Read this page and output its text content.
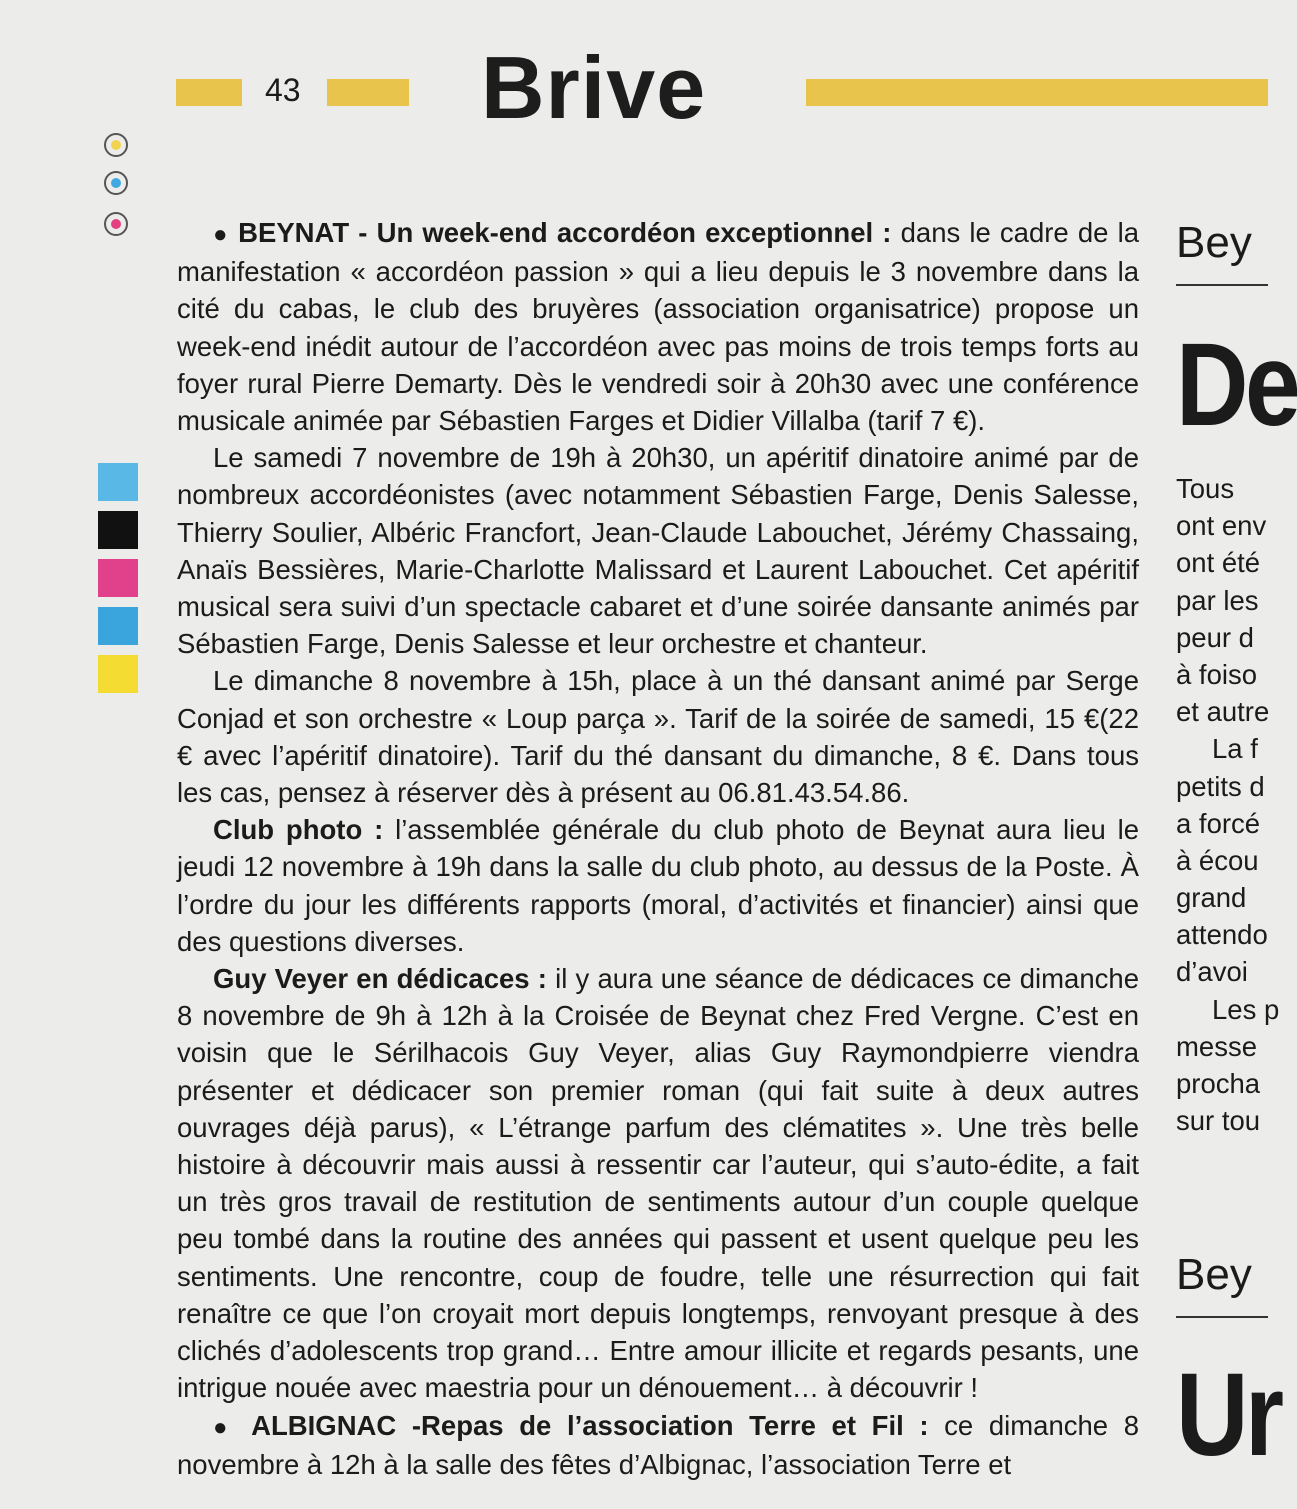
43 Brive

● BEYNAT - Un week-end accordéon exceptionnel : dans le cadre de la manifestation « accordéon passion » qui a lieu depuis le 3 novembre dans la cité du cabas, le club des bruyères (association organisatrice) propose un week-end inédit autour de l’accordéon avec pas moins de trois temps forts au foyer rural Pierre Demarty. Dès le vendredi soir à 20h30 avec une conférence musicale animée par Sébastien Farges et Didier Villalba (tarif 7 €).

Le samedi 7 novembre de 19h à 20h30, un apéritif dinatoire animé par de nombreux accordéonistes (avec notamment Sébastien Farge, Denis Salesse, Thierry Soulier, Albéric Francfort, Jean-Claude Labouchet, Jérémy Chassaing, Anaïs Bessières, Marie-Charlotte Malissard et Laurent Labouchet. Cet apéritif musical sera suivi d’un spectacle cabaret et d’une soirée dansante animés par Sébastien Farge, Denis Salesse et leur orchestre et chanteur.

Le dimanche 8 novembre à 15h, place à un thé dansant animé par Serge Conjad et son orchestre « Loup parça ». Tarif de la soirée de samedi, 15 €(22 € avec l’apéritif dinatoire). Tarif du thé dansant du dimanche, 8 €. Dans tous les cas, pensez à réserver dès à présent au 06.81.43.54.86.

Club photo : l’assemblée générale du club photo de Beynat aura lieu le jeudi 12 novembre à 19h dans la salle du club photo, au dessus de la Poste. À l’ordre du jour les différents rapports (moral, d’activités et financier) ainsi que des questions diverses.

Guy Veyer en dédicaces : il y aura une séance de dédicaces ce dimanche 8 novembre de 9h à 12h à la Croisée de Beynat chez Fred Vergne. C’est en voisin que le Sérilhacois Guy Veyer, alias Guy Raymondpierre viendra présenter et dédicacer son premier roman (qui fait suite à deux autres ouvrages déjà parus), « L’étrange parfum des clématites ». Une très belle histoire à découvrir mais aussi à ressentir car l’auteur, qui s’auto-édite, a fait un très gros travail de restitution de sentiments autour d’un couple quelque peu tombé dans la routine des années qui passent et usent quelque peu les sentiments. Une rencontre, coup de foudre, telle une résurrection qui fait renaître ce que l’on croyait mort depuis longtemps, renvoyant presque à des clichés d’adolescents trop grand… Entre amour illicite et regards pesants, une intrigue nouée avec maestria pour un dénouement… à découvrir !

● ALBIGNAC -Repas de l’association Terre et Fil : ce dimanche 8 novembre à 12h à la salle des fêtes d’Albignac, l’association Terre et

Bey
De
Tous
ont env
ont été
par les
peur d
à foiso
et autre
La f
petits d
a forcé
à écou
grand
attendo
d’avoi
Les p
messe
procha
sur tou
Bey
Ur
